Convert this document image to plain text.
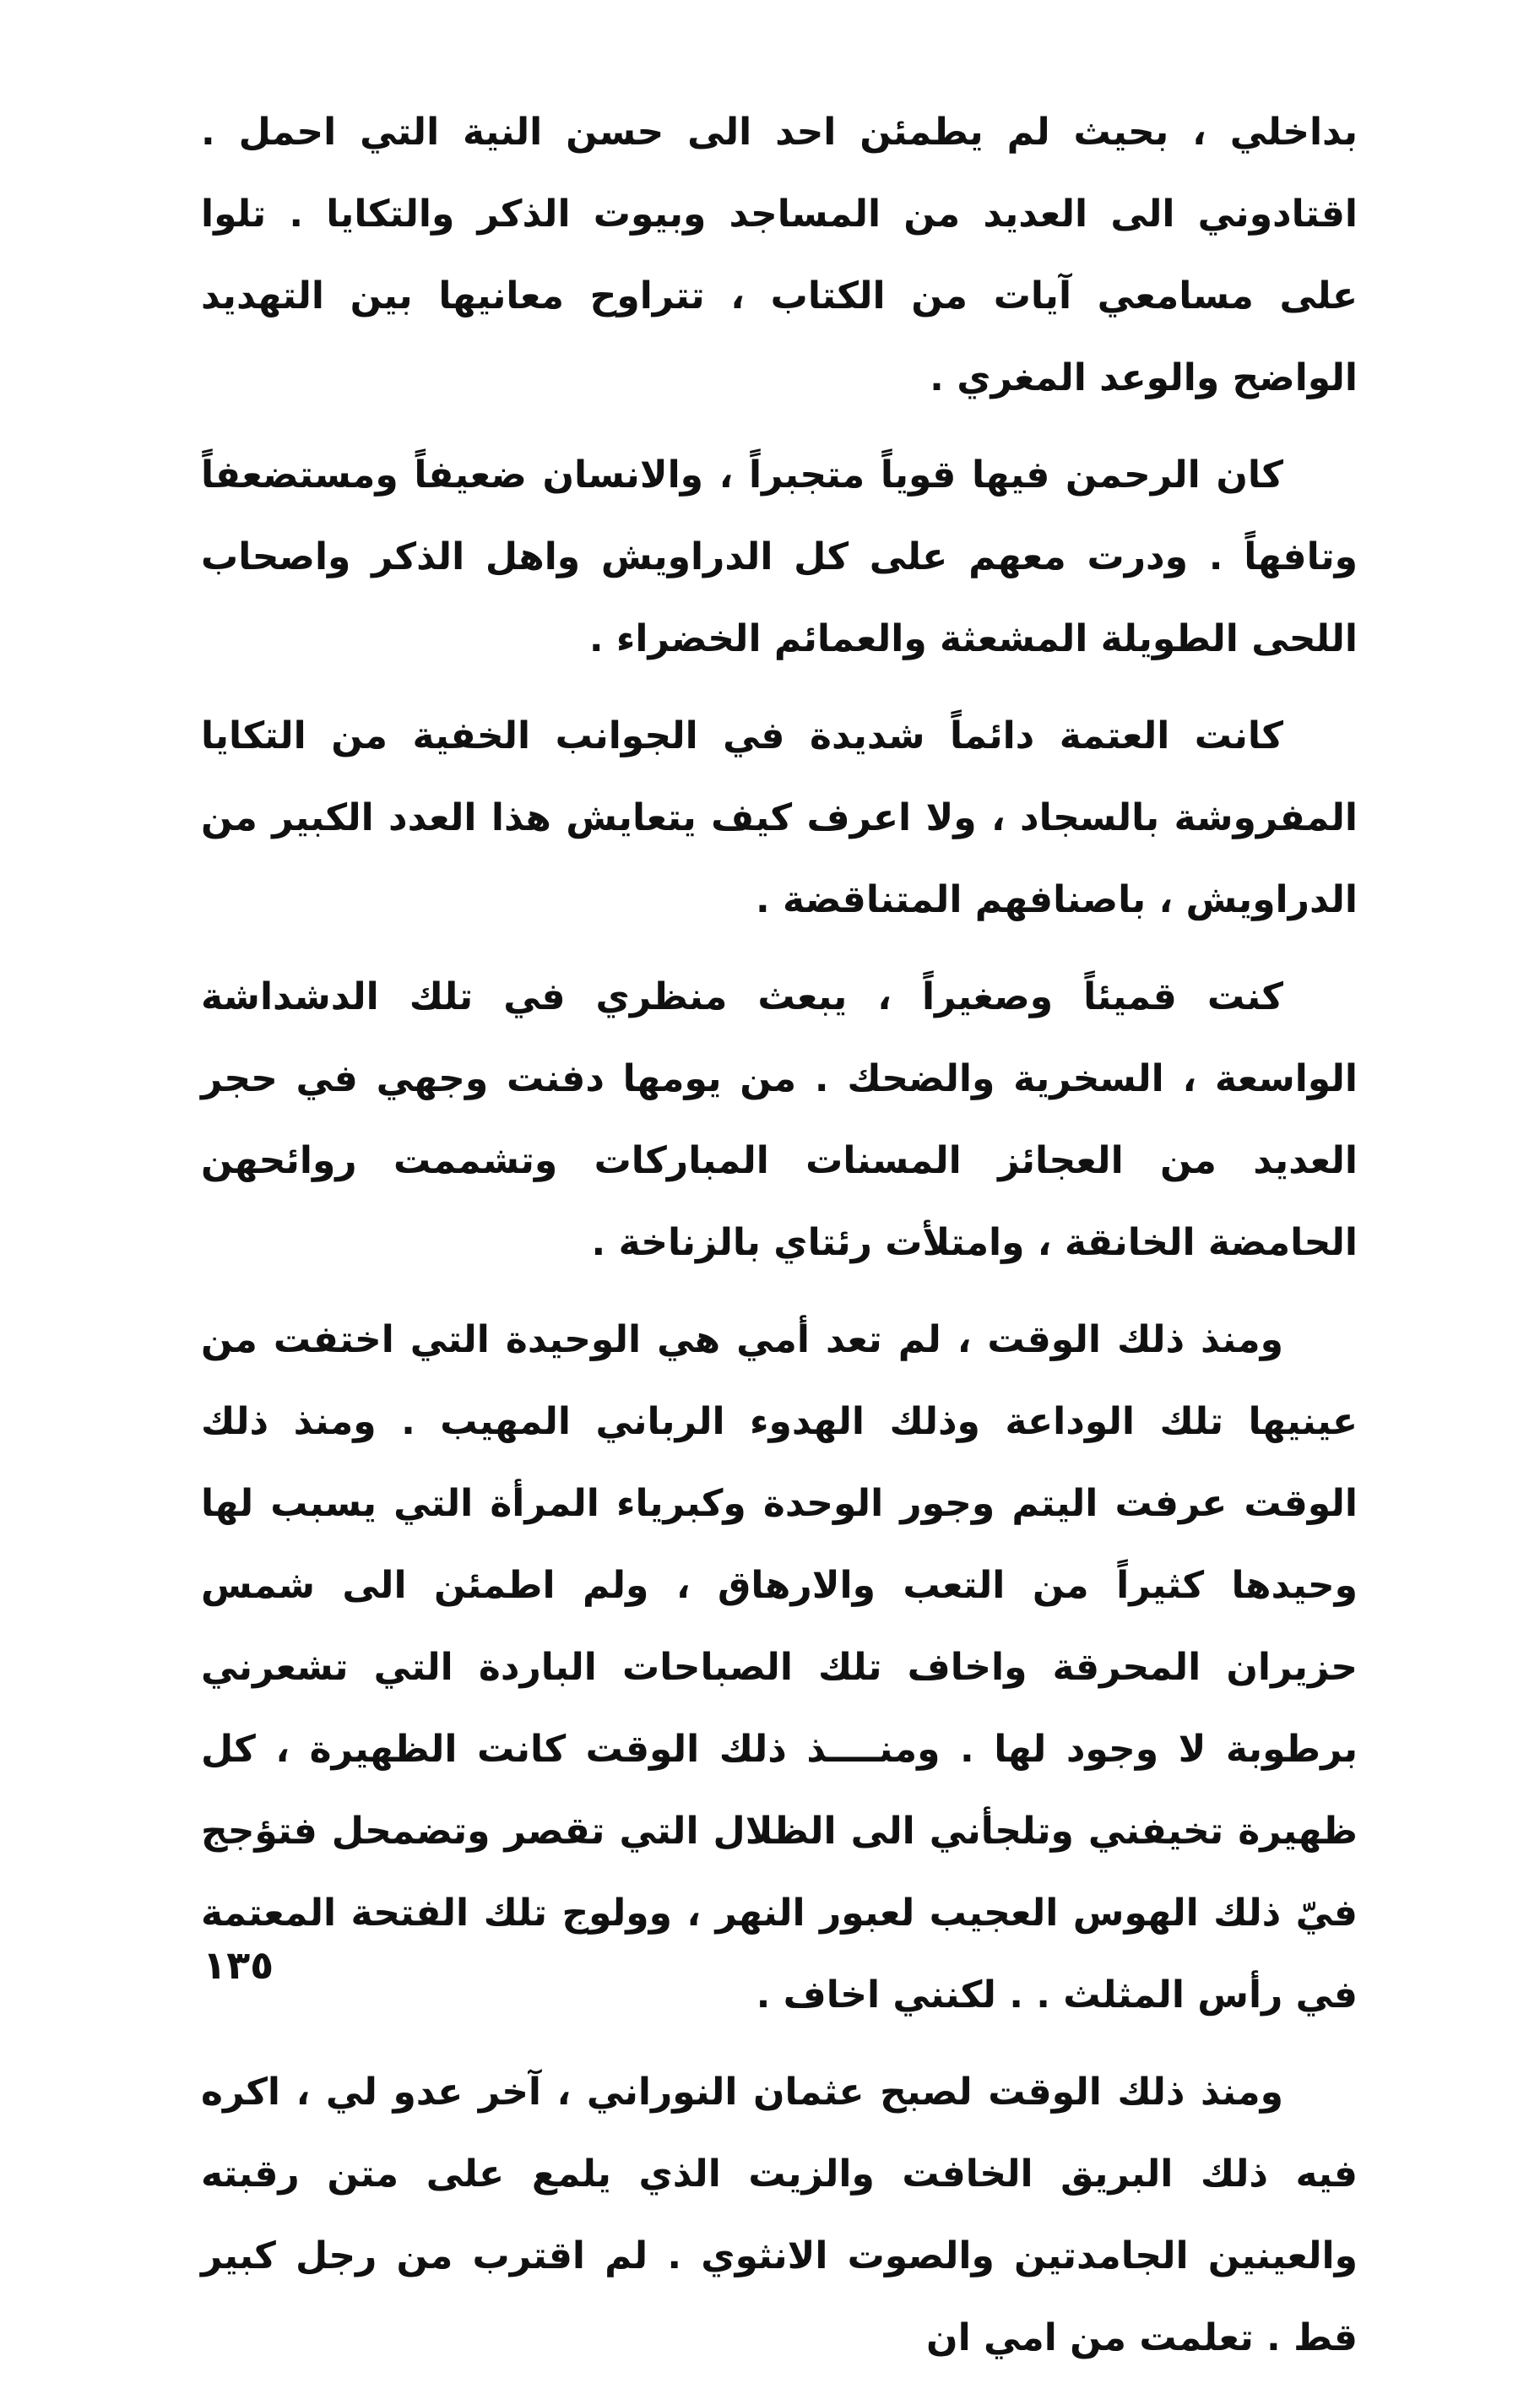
بداخلي ، بحيث لم يطمئن احد الى حسن النية التي احمل . اقتادوني الى العديد من المساجد وبيوت الذكر والتكايا . تلوا على مسامعي آيات من الكتاب ، تتراوح معانيها بين التهديد الواضح والوعد المغري .

كان الرحمن فيها قوياً متجبراً ، والانسان ضعيفاً ومستضعفاً وتافهاً . ودرت معهم على كل الدراويش واهل الذكر واصحاب اللحى الطويلة المشعثة والعمائم الخضراء .

كانت العتمة دائماً شديدة في الجوانب الخفية من التكايا المفروشة بالسجاد ، ولا اعرف كيف يتعايش هذا العدد الكبير من الدراويش ، باصنافهم المتناقضة .

كنت قميئاً وصغيراً ، يبعث منظري في تلك الدشداشة الواسعة ، السخرية والضحك . من يومها دفنت وجهي في حجر العديد من العجائز المسنات المباركات وتشممت روائحهن الحامضة الخانقة ، وامتلأت رئتاي بالزناخة .

ومنذ ذلك الوقت ، لم تعد أمي هي الوحيدة التي اختفت من عينيها تلك الوداعة وذلك الهدوء الرباني المهيب . ومنذ ذلك الوقت عرفت اليتم وجور الوحدة وكبرياء المرأة التي يسبب لها وحيدها كثيراً من التعب والارهاق ، ولم اطمئن الى شمس حزيران المحرقة واخاف تلك الصباحات الباردة التي تشعرني برطوبة لا وجود لها . ومنــــذ ذلك الوقت كانت الظهيرة ، كل ظهيرة تخيفني وتلجأني الى الظلال التي تقصر وتضمحل فتؤجج فيّ ذلك الهوس العجيب لعبور النهر ، وولوج تلك الفتحة المعتمة في رأس المثلث . . لكنني اخاف .

ومنذ ذلك الوقت لصبح عثمان النوراني ، آخر عدو لي ، اكره فيه ذلك البريق الخافت والزيت الذي يلمع على متن رقبته والعينين الجامدتين والصوت الانثوي . لم اقترب من رجل كبير قط . تعلمت من امي ان

١٣٥
